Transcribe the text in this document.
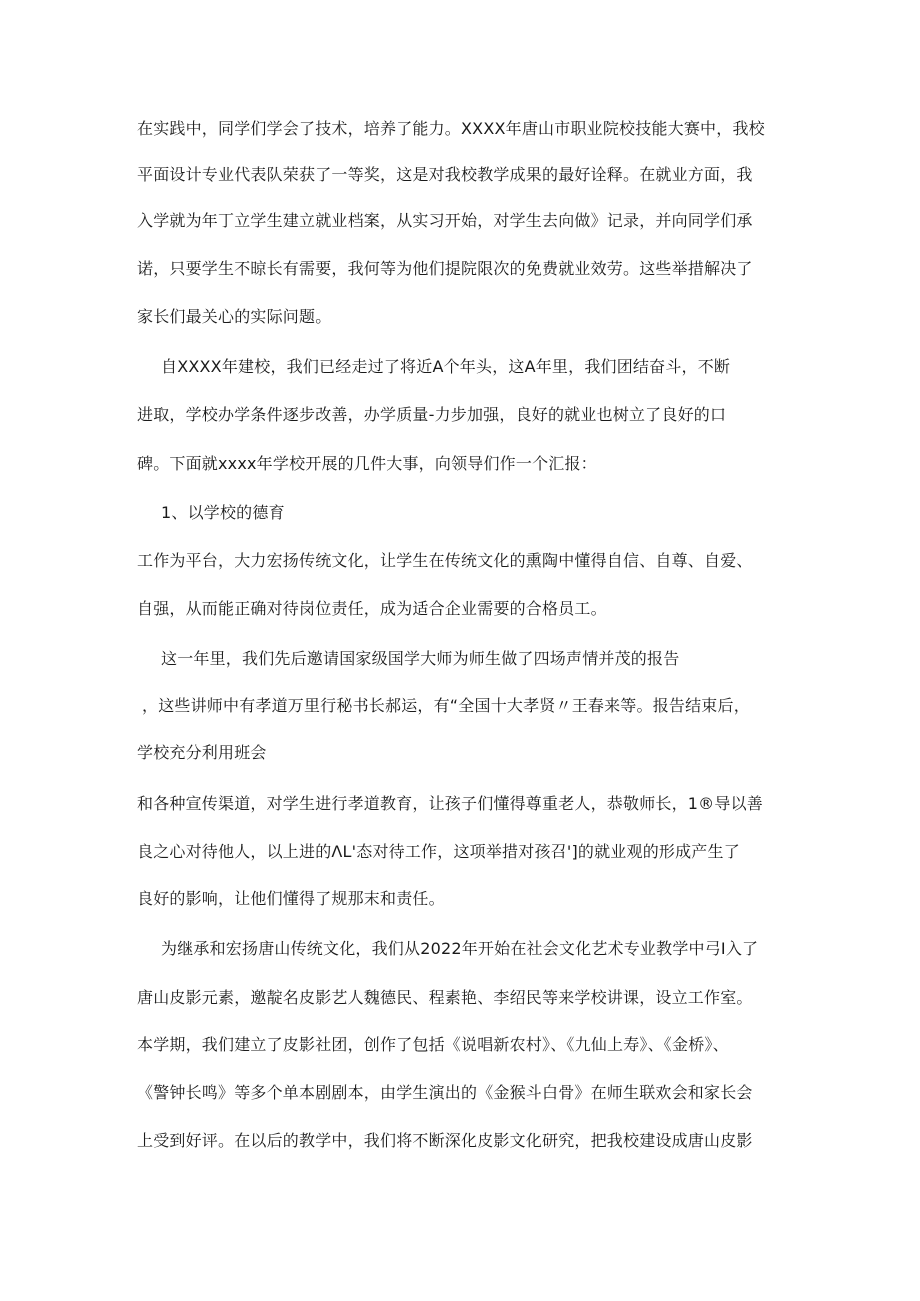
在实践中，同学们学会了技术，培养了能力。XXXX年唐山市职业院校技能大赛中，我校
平面设计专业代表队荣获了一等奖，这是对我校教学成果的最好诠释。在就业方面，我
入学就为年丁立学生建立就业档案，从实习开始，对学生去向做》记录，并向同学们承
诺，只要学生不晾长有需要，我何等为他们提院限次的免费就业效劳。这些举措解决了
家长们最关心的实际问题。
自XXXX年建校，我们已经走过了将近A个年头，这A年里，我们团结奋斗，不断
进取，学校办学条件逐步改善，办学质量-力步加强，良好的就业也树立了良好的口
碑。下面就xxxx年学校开展的几件大事，向领导们作一个汇报：
1、以学校的德育
工作为平台，大力宏扬传统文化，让学生在传统文化的熏陶中懂得自信、自尊、自爱、
自强，从而能正确对待岗位责任，成为适合企业需要的合格员工。
这一年里，我们先后邀请国家级国学大师为师生做了四场声情并茂的报告
，这些讲师中有孝道万里行秘书长郝运，有“全国十大孝贤〃王春来等。报告结束后，
学校充分利用班会
和各种宣传渠道，对学生进行孝道教育，让孩子们懂得尊重老人，恭敬师长，1®导以善
良之心对待他人，以上进的ΛL'态对待工作，这项举措对孩召']的就业观的形成产生了
良好的影响，让他们懂得了规那末和责任。
为继承和宏扬唐山传统文化，我们从2022年开始在社会文化艺术专业教学中弓I入了
唐山皮影元素，邀靛名皮影艺人魏德民、程素艳、李绍民等来学校讲课，设立工作室。
本学期，我们建立了皮影社团，创作了包括《说唱新农村》、《九仙上寿》、《金桥》、
《警钟长鸣》等多个单本剧剧本，由学生演出的《金猴斗白骨》在师生联欢会和家长会
上受到好评。在以后的教学中，我们将不断深化皮影文化研究，把我校建设成唐山皮影
